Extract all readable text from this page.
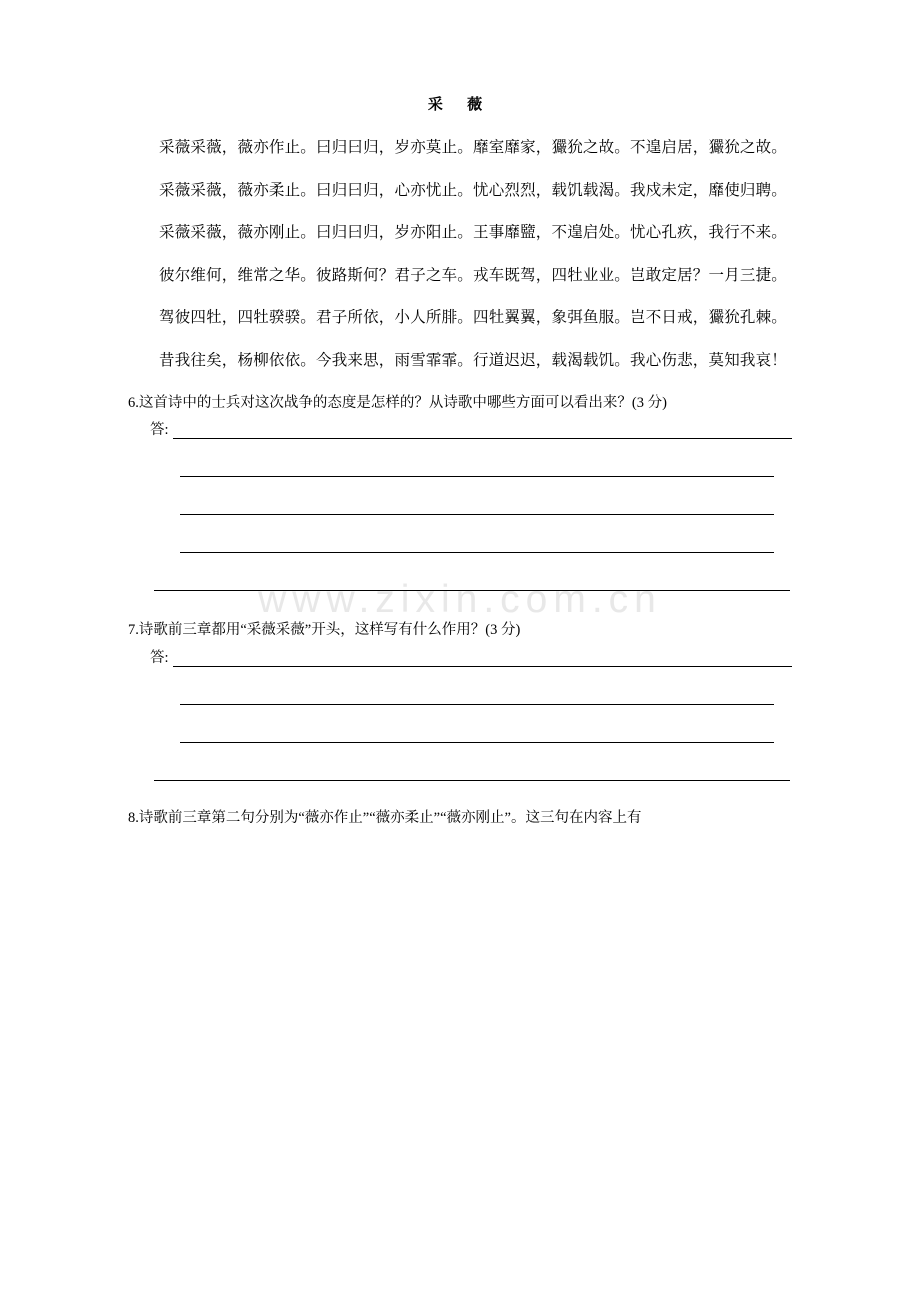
www.zixin.com.cn
采 薇

采薇采薇，薇亦作止。曰归曰归，岁亦莫止。靡室靡家，玁狁之故。不遑启居，玁狁之故。

采薇采薇，薇亦柔止。曰归曰归，心亦忧止。忧心烈烈，载饥载渴。我戍未定，靡使归聘。

采薇采薇，薇亦刚止。曰归曰归，岁亦阳止。王事靡盬，不遑启处。忧心孔疚，我行不来。

彼尔维何，维常之华。彼路斯何？君子之车。戎车既驾，四牡业业。岂敢定居？一月三捷。

驾彼四牡，四牡骙骙。君子所依，小人所腓。四牡翼翼，象弭鱼服。岂不日戒，玁狁孔棘。

昔我往矣，杨柳依依。今我来思，雨雪霏霏。行道迟迟，载渴载饥。我心伤悲，莫知我哀！

6.这首诗中的士兵对这次战争的态度是怎样的？从诗歌中哪些方面可以看出来？(3 分)

答:

7.诗歌前三章都用“采薇采薇”开头，这样写有什么作用？(3 分)

答:

8.诗歌前三章第二句分别为“薇亦作止”“薇亦柔止”“薇亦刚止”。这三句在内容上有
